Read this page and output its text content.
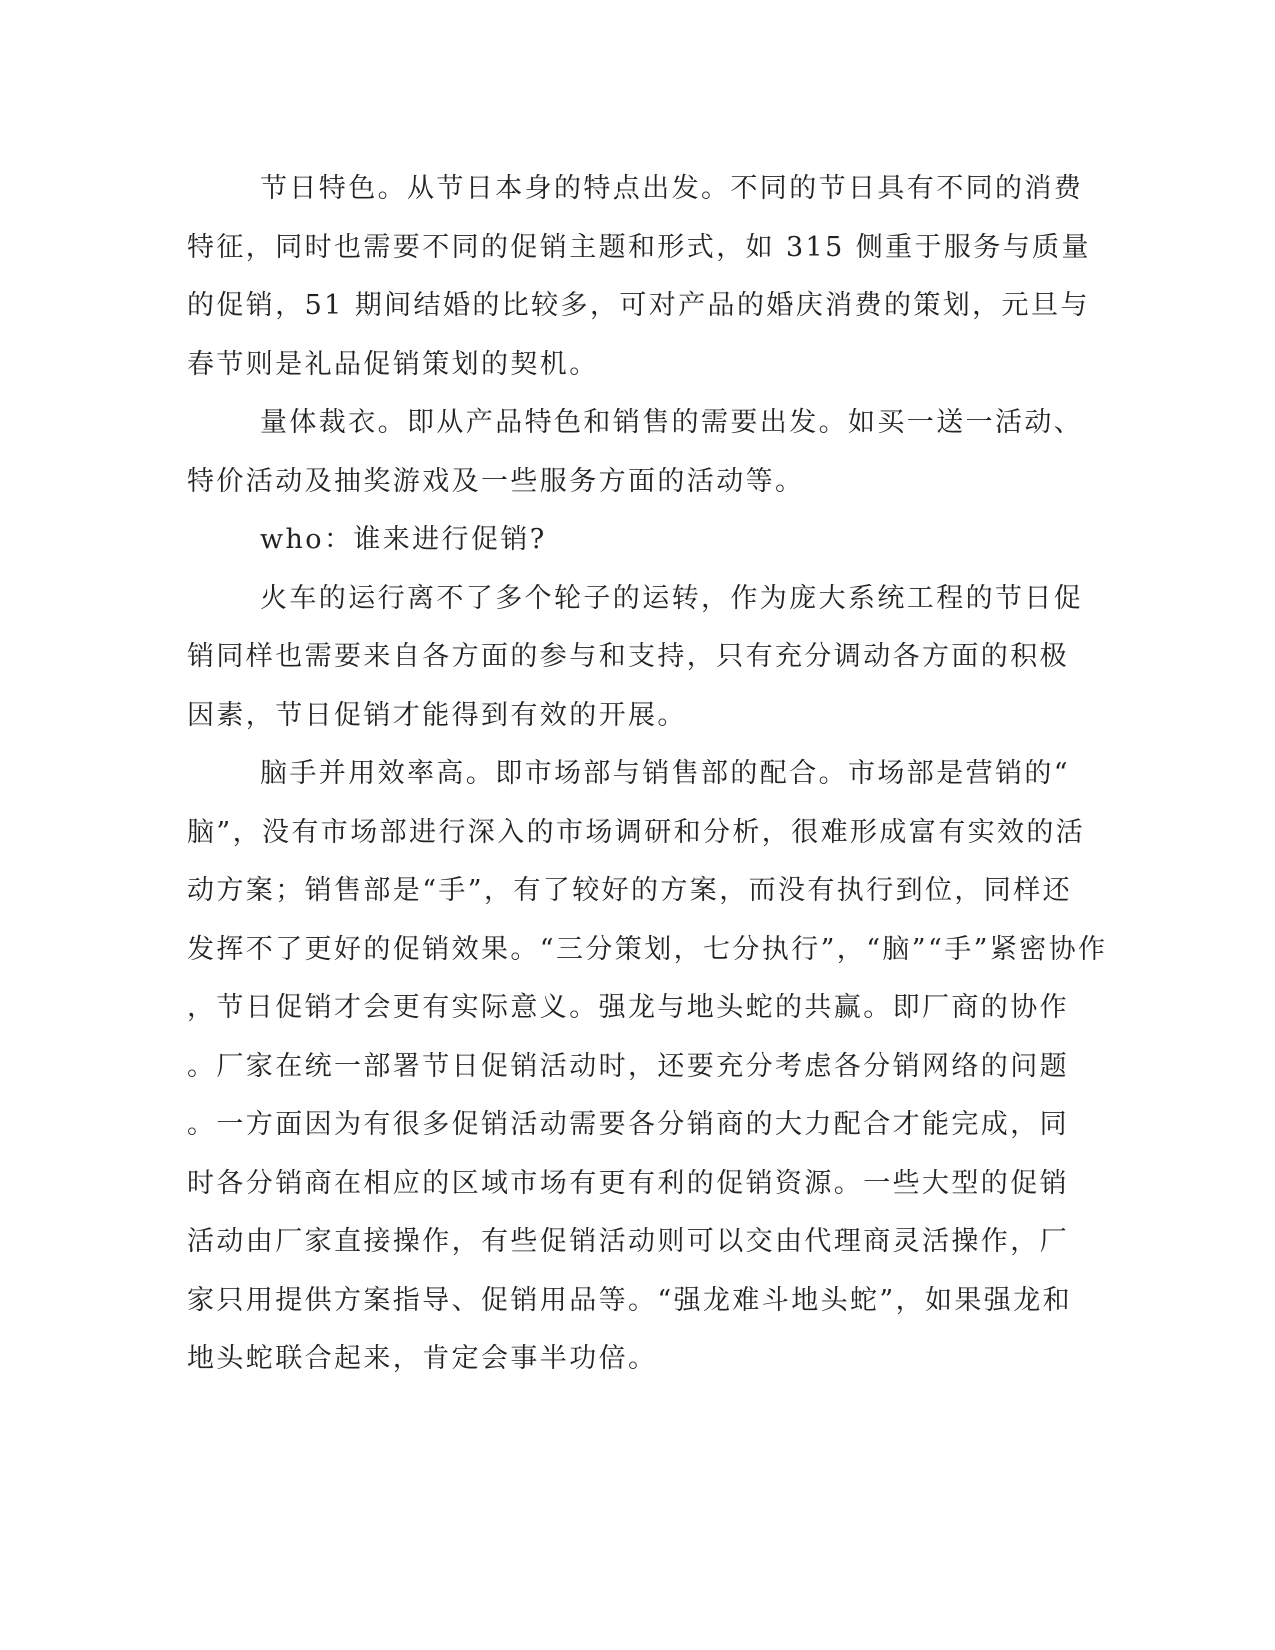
节日特色。从节日本身的特点出发。不同的节日具有不同的消费
特征，同时也需要不同的促销主题和形式，如 315 侧重于服务与质量
的促销，51 期间结婚的比较多，可对产品的婚庆消费的策划，元旦与
春节则是礼品促销策划的契机。
量体裁衣。即从产品特色和销售的需要出发。如买一送一活动、
特价活动及抽奖游戏及一些服务方面的活动等。
who：谁来进行促销?
火车的运行离不了多个轮子的运转，作为庞大系统工程的节日促
销同样也需要来自各方面的参与和支持，只有充分调动各方面的积极
因素，节日促销才能得到有效的开展。
脑手并用效率高。即市场部与销售部的配合。市场部是营销的“
脑”，没有市场部进行深入的市场调研和分析，很难形成富有实效的活
动方案；销售部是“手”，有了较好的方案，而没有执行到位，同样还
发挥不了更好的促销效果。“三分策划，七分执行”，“脑”“手”紧密协作
，节日促销才会更有实际意义。强龙与地头蛇的共赢。即厂商的协作
。厂家在统一部署节日促销活动时，还要充分考虑各分销网络的问题
。一方面因为有很多促销活动需要各分销商的大力配合才能完成，同
时各分销商在相应的区域市场有更有利的促销资源。一些大型的促销
活动由厂家直接操作，有些促销活动则可以交由代理商灵活操作，厂
家只用提供方案指导、促销用品等。“强龙难斗地头蛇”，如果强龙和
地头蛇联合起来，肯定会事半功倍。
